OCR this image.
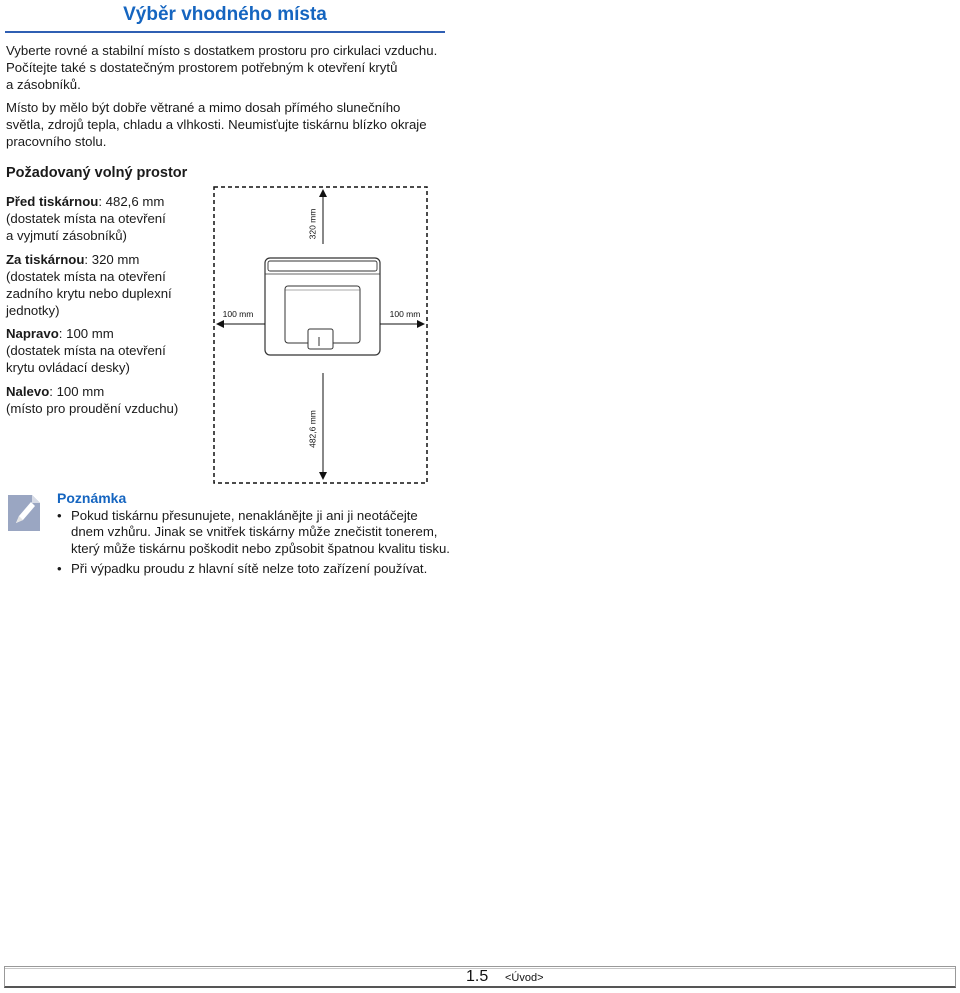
Výběr vhodného místa

Vyberte rovné a stabilní místo s dostatkem prostoru pro cirkulaci vzduchu.
Počítejte také s dostatečným prostorem potřebným k otevření krytů
a zásobníků.

Místo by mělo být dobře větrané a mimo dosah přímého slunečního
světla, zdrojů tepla, chladu a vlhkosti. Neumisťujte tiskárnu blízko okraje
pracovního stolu.

Požadovaný volný prostor

Před tiskárnou: 482,6 mm
(dostatek místa na otevření
a vyjmutí zásobníků)

Za tiskárnou: 320 mm
(dostatek místa na otevření
zadního krytu nebo duplexní
jednotky)

Napravo: 100 mm
(dostatek místa na otevření
krytu ovládací desky)

Nalevo: 100 mm
(místo pro proudění vzduchu)

320 mm
482,6 mm
100 mm	100 mm
Poznámka
• Pokud tiskárnu přesunujete, nenaklánějte ji ani ji neotáčejte dnem vzhůru. Jinak se vnitřek tiskárny může znečistit tonerem, který může tiskárnu poškodit nebo způsobit špatnou kvalitu tisku.
• Při výpadku proudu z hlavní sítě nelze toto zařízení používat.
1.5 <Úvod>
